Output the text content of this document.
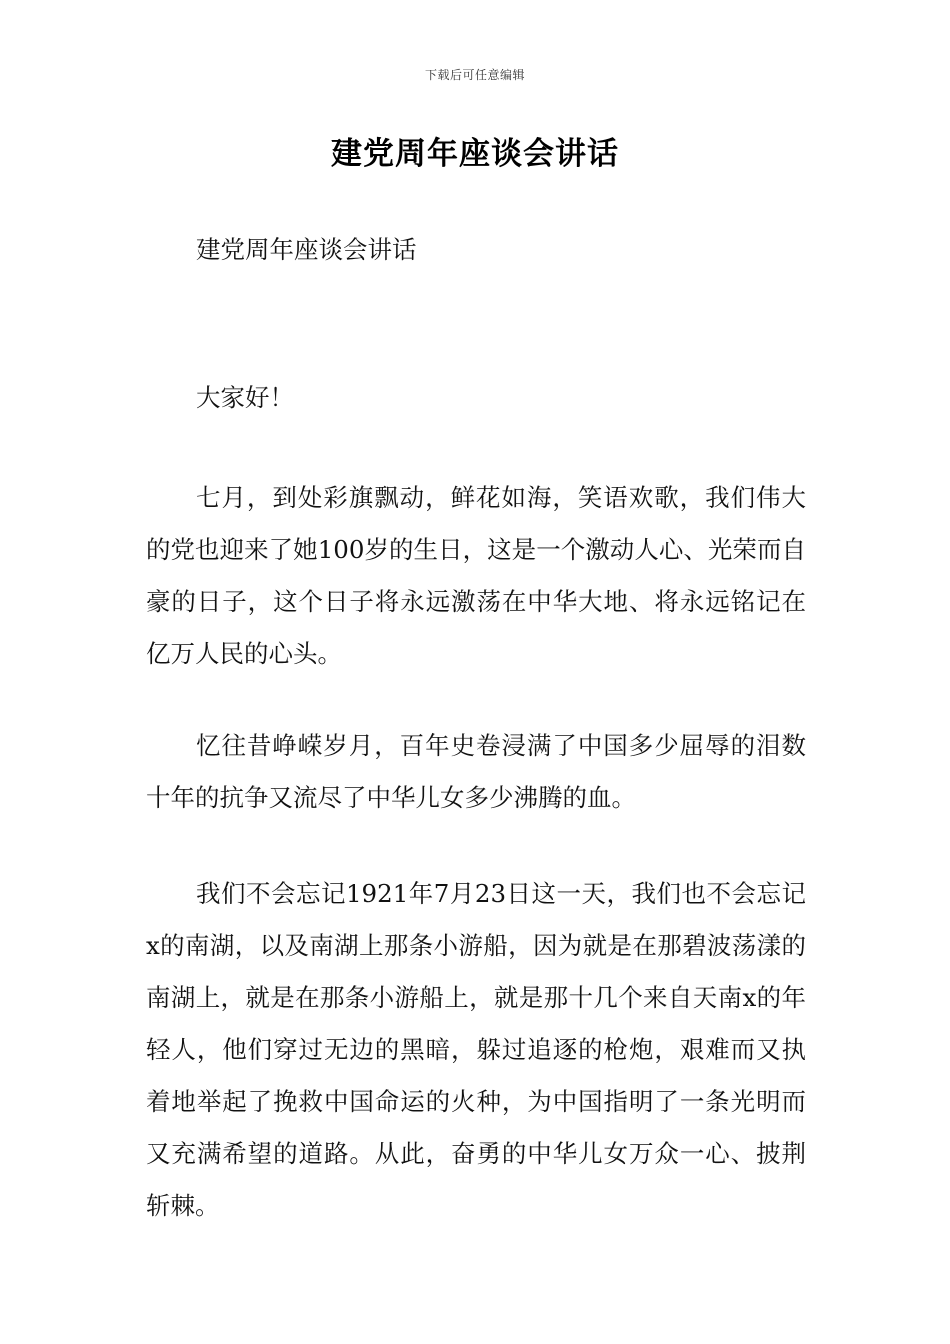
下载后可任意编辑
建党周年座谈会讲话

建党周年座谈会讲话

大家好！

七月，到处彩旗飘动，鲜花如海，笑语欢歌，我们伟大的党也迎来了她100岁的生日，这是一个激动人心、光荣而自豪的日子，这个日子将永远激荡在中华大地、将永远铭记在亿万人民的心头。

忆往昔峥嵘岁月，百年史卷浸满了中国多少屈辱的泪数十年的抗争又流尽了中华儿女多少沸腾的血。

我们不会忘记1921年7月23日这一天，我们也不会忘记x的南湖，以及南湖上那条小游船，因为就是在那碧波荡漾的南湖上，就是在那条小游船上，就是那十几个来自天南x的年轻人，他们穿过无边的黑暗，躲过追逐的枪炮，艰难而又执着地举起了挽救中国命运的火种，为中国指明了一条光明而又充满希望的道路。从此，奋勇的中华儿女万众一心、披荆斩棘。
